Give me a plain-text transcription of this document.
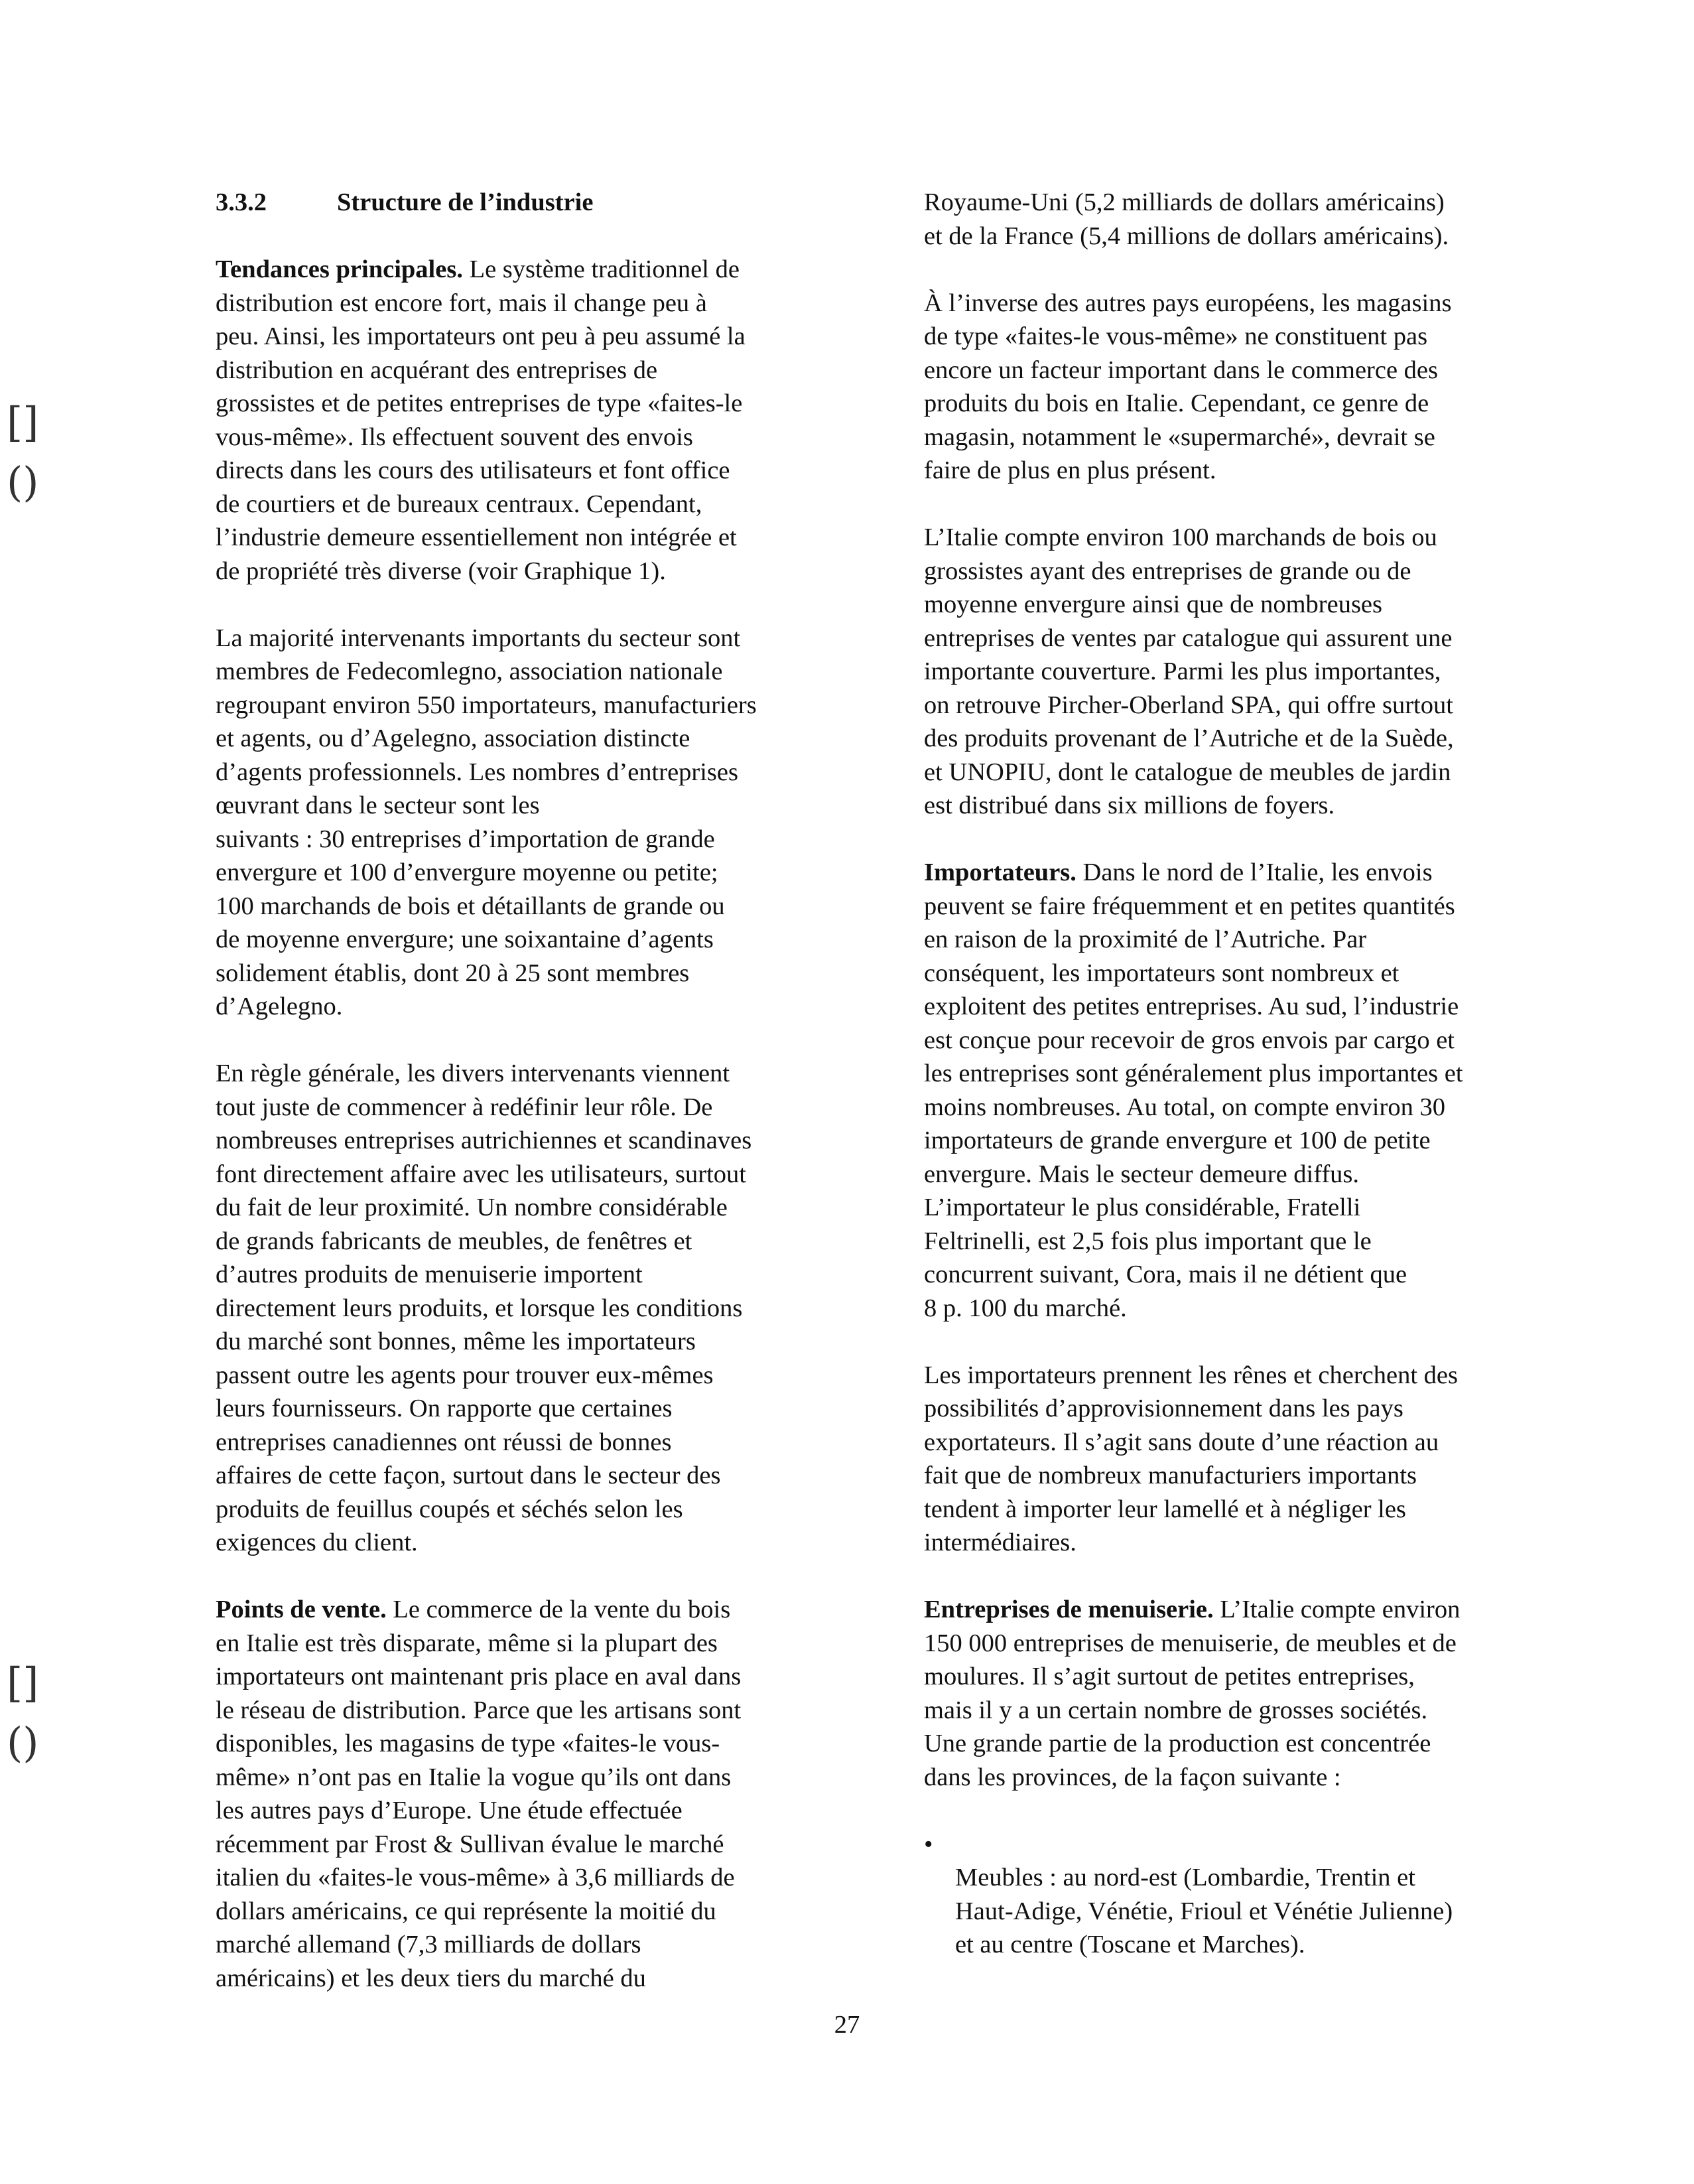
[]
()
[]
()
3.3.2	Structure de l’industrie

Tendances principales. Le système traditionnel de
distribution est encore fort, mais il change peu à
peu. Ainsi, les importateurs ont peu à peu assumé la
distribution en acquérant des entreprises de
grossistes et de petites entreprises de type «faites-le
vous-même». Ils effectuent souvent des envois
directs dans les cours des utilisateurs et font office
de courtiers et de bureaux centraux. Cependant,
l’industrie demeure essentiellement non intégrée et
de propriété très diverse (voir Graphique 1).

La majorité intervenants importants du secteur sont
membres de Fedecomlegno, association nationale
regroupant environ 550 importateurs, manufacturiers
et agents, ou d’Agelegno, association distincte
d’agents professionnels. Les nombres d’entreprises
œuvrant dans le secteur sont les
suivants : 30 entreprises d’importation de grande
envergure et 100 d’envergure moyenne ou petite;
100 marchands de bois et détaillants de grande ou
de moyenne envergure; une soixantaine d’agents
solidement établis, dont 20 à 25 sont membres
d’Agelegno.

En règle générale, les divers intervenants viennent
tout juste de commencer à redéfinir leur rôle. De
nombreuses entreprises autrichiennes et scandinaves
font directement affaire avec les utilisateurs, surtout
du fait de leur proximité. Un nombre considérable
de grands fabricants de meubles, de fenêtres et
d’autres produits de menuiserie importent
directement leurs produits, et lorsque les conditions
du marché sont bonnes, même les importateurs
passent outre les agents pour trouver eux-mêmes
leurs fournisseurs. On rapporte que certaines
entreprises canadiennes ont réussi de bonnes
affaires de cette façon, surtout dans le secteur des
produits de feuillus coupés et séchés selon les
exigences du client.

Points de vente. Le commerce de la vente du bois
en Italie est très disparate, même si la plupart des
importateurs ont maintenant pris place en aval dans
le réseau de distribution. Parce que les artisans sont
disponibles, les magasins de type «faites-le vous-
même» n’ont pas en Italie la vogue qu’ils ont dans
les autres pays d’Europe. Une étude effectuée
récemment par Frost & Sullivan évalue le marché
italien du «faites-le vous-même» à 3,6 milliards de
dollars américains, ce qui représente la moitié du
marché allemand (7,3 milliards de dollars
américains) et les deux tiers du marché du

Royaume-Uni (5,2 milliards de dollars américains)
et de la France (5,4 millions de dollars américains).

À l’inverse des autres pays européens, les magasins
de type «faites-le vous-même» ne constituent pas
encore un facteur important dans le commerce des
produits du bois en Italie. Cependant, ce genre de
magasin, notamment le «supermarché», devrait se
faire de plus en plus présent.

L’Italie compte environ 100 marchands de bois ou
grossistes ayant des entreprises de grande ou de
moyenne envergure ainsi que de nombreuses
entreprises de ventes par catalogue qui assurent une
importante couverture. Parmi les plus importantes,
on retrouve Pircher-Oberland SPA, qui offre surtout
des produits provenant de l’Autriche et de la Suède,
et UNOPIU, dont le catalogue de meubles de jardin
est distribué dans six millions de foyers.

Importateurs. Dans le nord de l’Italie, les envois
peuvent se faire fréquemment et en petites quantités
en raison de la proximité de l’Autriche. Par
conséquent, les importateurs sont nombreux et
exploitent des petites entreprises. Au sud, l’industrie
est conçue pour recevoir de gros envois par cargo et
les entreprises sont généralement plus importantes et
moins nombreuses. Au total, on compte environ 30
importateurs de grande envergure et 100 de petite
envergure. Mais le secteur demeure diffus.
L’importateur le plus considérable, Fratelli
Feltrinelli, est 2,5 fois plus important que le
concurrent suivant, Cora, mais il ne détient que
8 p. 100 du marché.

Les importateurs prennent les rênes et cherchent des
possibilités d’approvisionnement dans les pays
exportateurs. Il s’agit sans doute d’une réaction au
fait que de nombreux manufacturiers importants
tendent à importer leur lamellé et à négliger les
intermédiaires.

Entreprises de menuiserie. L’Italie compte environ
150 000 entreprises de menuiserie, de meubles et de
moulures. Il s’agit surtout de petites entreprises,
mais il y a un certain nombre de grosses sociétés.
Une grande partie de la production est concentrée
dans les provinces, de la façon suivante :

•
Meubles : au nord-est (Lombardie, Trentin et
Haut-Adige, Vénétie, Frioul et Vénétie Julienne)
et au centre (Toscane et Marches).

27
